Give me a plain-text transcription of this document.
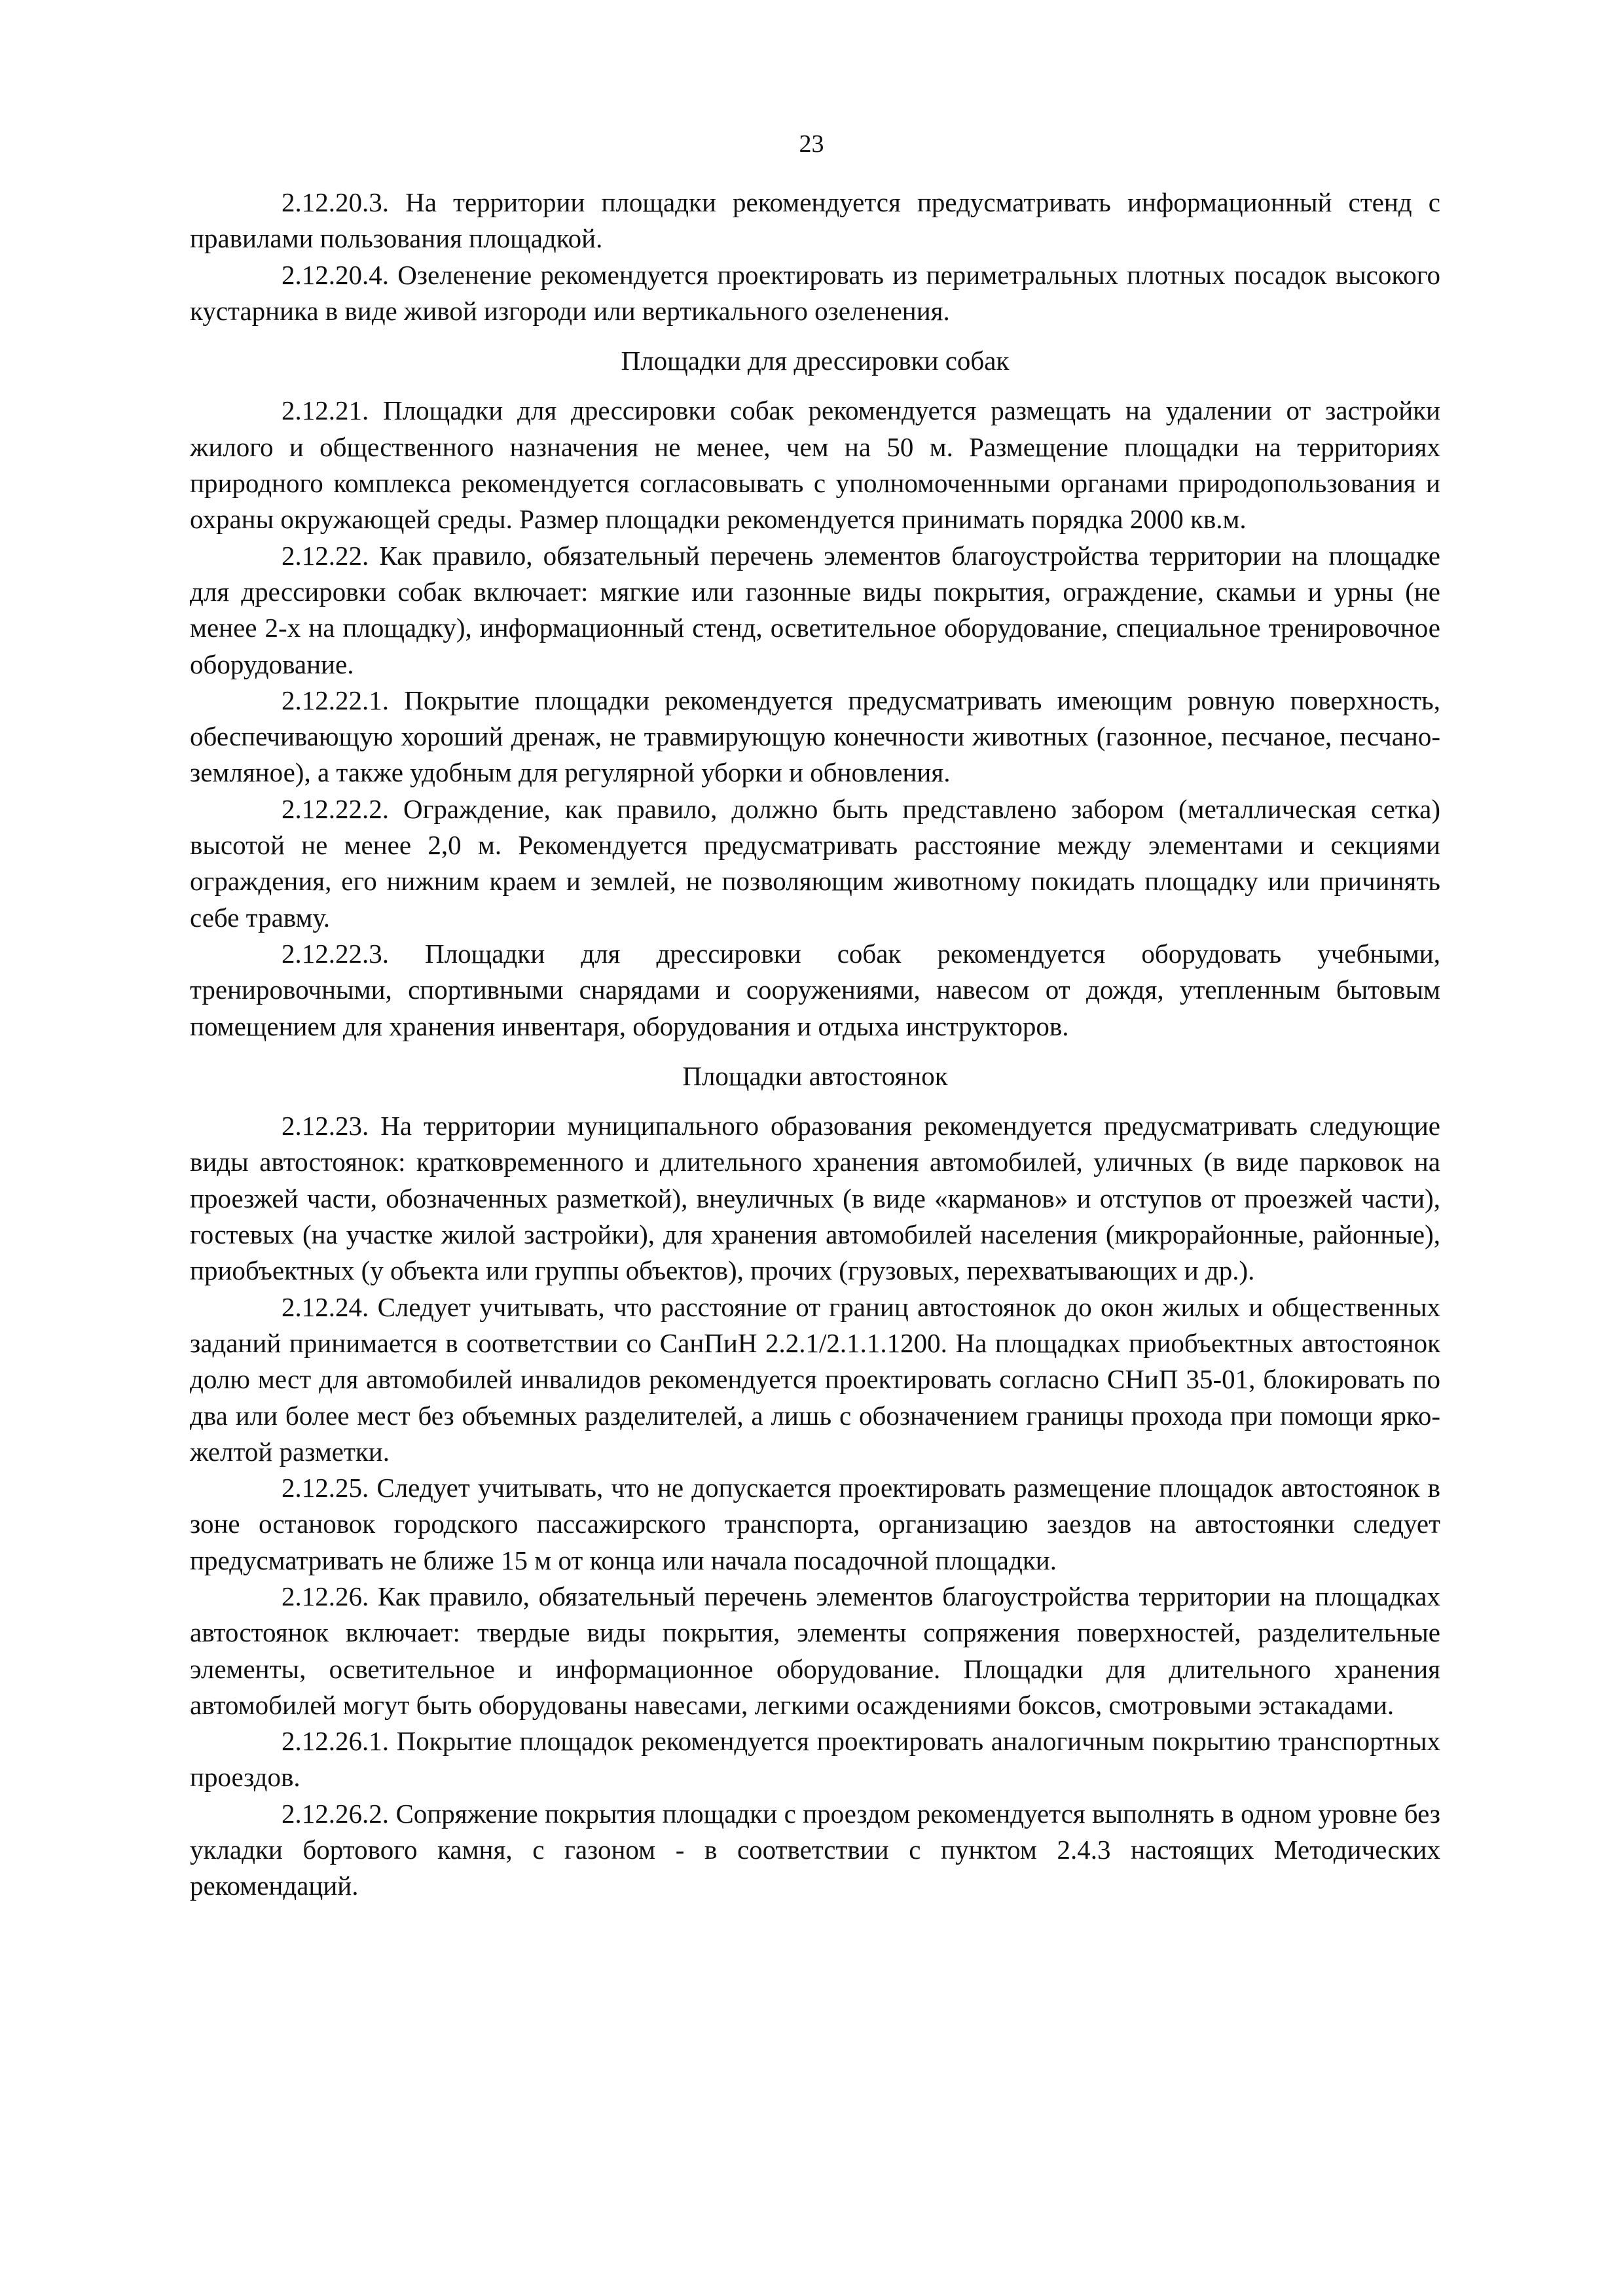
23

2.12.20.3. На территории площадки рекомендуется предусматривать информационный стенд с правилами пользования площадкой.

2.12.20.4. Озеленение рекомендуется проектировать из периметральных плотных посадок высокого кустарника в виде живой изгороди или вертикального озеленения.

Площадки для дрессировки собак

2.12.21. Площадки для дрессировки собак рекомендуется размещать на удалении от застройки жилого и общественного назначения не менее, чем на 50 м. Размещение площадки на территориях природного комплекса рекомендуется согласовывать с уполномоченными органами природопользования и охраны окружающей среды. Размер площадки рекомендуется принимать порядка 2000 кв.м.

2.12.22. Как правило, обязательный перечень элементов благоустройства территории на площадке для дрессировки собак включает: мягкие или газонные виды покрытия, ограждение, скамьи и урны (не менее 2-х на площадку), информационный стенд, осветительное оборудование, специальное тренировочное оборудование.

2.12.22.1. Покрытие площадки рекомендуется предусматривать имеющим ровную поверхность, обеспечивающую хороший дренаж, не травмирующую конечности животных (газонное, песчаное, песчано-земляное), а также удобным для регулярной уборки и обновления.

2.12.22.2. Ограждение, как правило, должно быть представлено забором (металлическая сетка) высотой не менее 2,0 м. Рекомендуется предусматривать расстояние между элементами и секциями ограждения, его нижним краем и землей, не позволяющим животному покидать площадку или причинять себе травму.

2.12.22.3. Площадки для дрессировки собак рекомендуется оборудовать учебными, тренировочными, спортивными снарядами и сооружениями, навесом от дождя, утепленным бытовым помещением для хранения инвентаря, оборудования и отдыха инструкторов.

Площадки автостоянок

2.12.23. На территории муниципального образования рекомендуется предусматривать следующие виды автостоянок: кратковременного и длительного хранения автомобилей, уличных (в виде парковок на проезжей части, обозначенных разметкой), внеуличных (в виде «карманов» и отступов от проезжей части), гостевых (на участке жилой застройки), для хранения автомобилей населения (микрорайонные, районные), приобъектных (у объекта или группы объектов), прочих (грузовых, перехватывающих и др.).

2.12.24. Следует учитывать, что расстояние от границ автостоянок до окон жилых и общественных заданий принимается в соответствии со СанПиН 2.2.1/2.1.1.1200. На площадках приобъектных автостоянок долю мест для автомобилей инвалидов рекомендуется проектировать согласно СНиП 35-01, блокировать по два или более мест без объемных разделителей, а лишь с обозначением границы прохода при помощи ярко-желтой разметки.

2.12.25. Следует учитывать, что не допускается проектировать размещение площадок автостоянок в зоне остановок городского пассажирского транспорта, организацию заездов на автостоянки следует предусматривать не ближе 15 м от конца или начала посадочной площадки.

2.12.26. Как правило, обязательный перечень элементов благоустройства территории на площадках автостоянок включает: твердые виды покрытия, элементы сопряжения поверхностей, разделительные элементы, осветительное и информационное оборудование. Площадки для длительного хранения автомобилей могут быть оборудованы навесами, легкими осаждениями боксов, смотровыми эстакадами.

2.12.26.1. Покрытие площадок рекомендуется проектировать аналогичным покрытию транспортных проездов.

2.12.26.2. Сопряжение покрытия площадки с проездом рекомендуется выполнять в одном уровне без укладки бортового камня, с газоном - в соответствии с пунктом 2.4.3 настоящих Методических рекомендаций.
